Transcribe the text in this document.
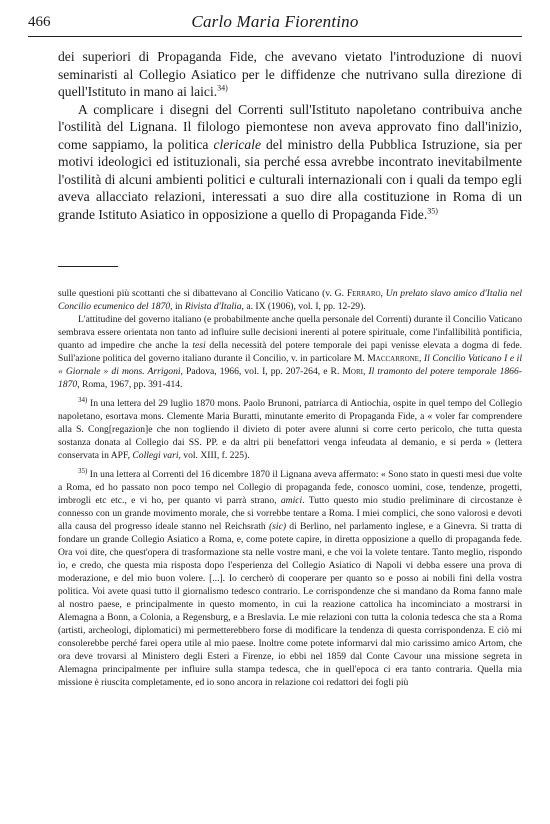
466	Carlo Maria Fiorentino

dei superiori di Propaganda Fide, che avevano vietato l'introduzione di nuovi seminaristi al Collegio Asiatico per le diffidenze che nutrivano sulla direzione di quell'Istituto in mano ai laici.$^{34)}$

A complicare i disegni del Correnti sull'Istituto napoletano contribuiva anche l'ostilità del Lignana. Il filologo piemontese non aveva approvato fino dall'inizio, come sappiamo, la politica clericale del ministro della Pubblica Istruzione, sia per motivi ideologici ed istituzionali, sia perché essa avrebbe incontrato inevitabilmente l'ostilità di alcuni ambienti politici e culturali internazionali con i quali da tempo egli aveva allacciato relazioni, interessati a suo dire alla costituzione in Roma di un grande Istituto Asiatico in opposizione a quello di Propaganda Fide.$^{35)}$

sulle questioni più scottanti che si dibattevano al Concilio Vaticano (v. G. Ferraro, Un prelato slavo amico d'Italia nel Concilio ecumenico del 1870, in Rivista d'Italia, a. IX (1906), vol. I, pp. 12-29).

L'attitudine del governo italiano (e probabilmente anche quella personale del Correnti) durante il Concilio Vaticano sembrava essere orientata non tanto ad influire sulle decisioni inerenti al potere spirituale, come l'infallibilità pontificia, quanto ad impedire che anche la tesi della necessità del potere temporale dei papi venisse elevata a dogma di fede. Sull'azione politica del governo italiano durante il Concilio, v. in particolare M. Maccarrone, Il Concilio Vaticano I e il « Giornale » di mons. Arrigoni, Padova, 1966, vol. I, pp. 207-264, e R. Mori, Il tramonto del potere temporale 1866-1870, Roma, 1967, pp. 391-414.

$^{34)}$ In una lettera del 29 luglio 1870 mons. Paolo Brunoni, patriarca di Antiochia, ospite in quel tempo del Collegio napoletano, esortava mons. Clemente Maria Buratti, minutante emerito di Propaganda Fide, a « voler far comprendere alla S. Cong[regazion]e che non togliendo il divieto di poter avere alunni si corre certo pericolo, che tutta questa sostanza donata al Collegio dai SS. PP. e da altri pii benefattori venga infeudata al demanio, e si perda » (lettera conservata in APF, Collegi vari, vol. XIII, f. 225).

$^{35)}$ In una lettera al Correnti del 16 dicembre 1870 il Lignana aveva affermato: « Sono stato in questi mesi due volte a Roma, ed ho passato non poco tempo nel Collegio di propaganda fede, conosco uomini, cose, tendenze, progetti, imbrogli etc etc., e vi ho, per quanto vi parrà strano, amici. Tutto questo mio studio preliminare di circostanze è connesso con un grande movimento morale, che si vorrebbe tentare a Roma. I miei complici, che sono valorosi e devoti alla causa del progresso ideale stanno nel Reichsrath (sic) di Berlino, nel parlamento inglese, e a Ginevra. Si tratta di fondare un grande Collegio Asiatico a Roma, e, come potete capire, in diretta opposizione a quello di propaganda fede. Ora voi dite, che quest'opera di trasformazione sta nelle vostre mani, e che voi la volete tentare. Tanto meglio, rispondo io, e credo, che questa mia risposta dopo l'esperienza del Collegio Asiatico di Napoli vi debba essere una prova di moderazione, e del mio buon volere. [...]. Io cercherò di cooperare per quanto so e posso ai nobili fini della vostra politica. Voi avete quasi tutto il giornalismo tedesco contrario. Le corrispondenze che si mandano da Roma fanno male al nostro paese, e principalmente in questo momento, in cui la reazione cattolica ha incominciato a mostrarsi in Alemagna a Bonn, a Colonia, a Regensburg, e a Breslavia. Le mie relazioni con tutta la colonia tedesca che sta a Roma (artisti, archeologi, diplomatici) mi permetterebbero forse di modificare la tendenza di questa corrispondenza. E ciò mi consolerebbe perché farei opera utile al mio paese. Inoltre come potete informarvi dal mio carissimo amico Artom, che ora deve trovarsi al Ministero degli Esteri a Firenze, io ebbi nel 1859 dal Conte Cavour una missione segreta in Alemagna principalmente per influire sulla stampa tedesca, che in quell'epoca ci era tanto contraria. Quella mia missione è riuscita completamente, ed io sono ancora in relazione coi redattori dei fogli più
